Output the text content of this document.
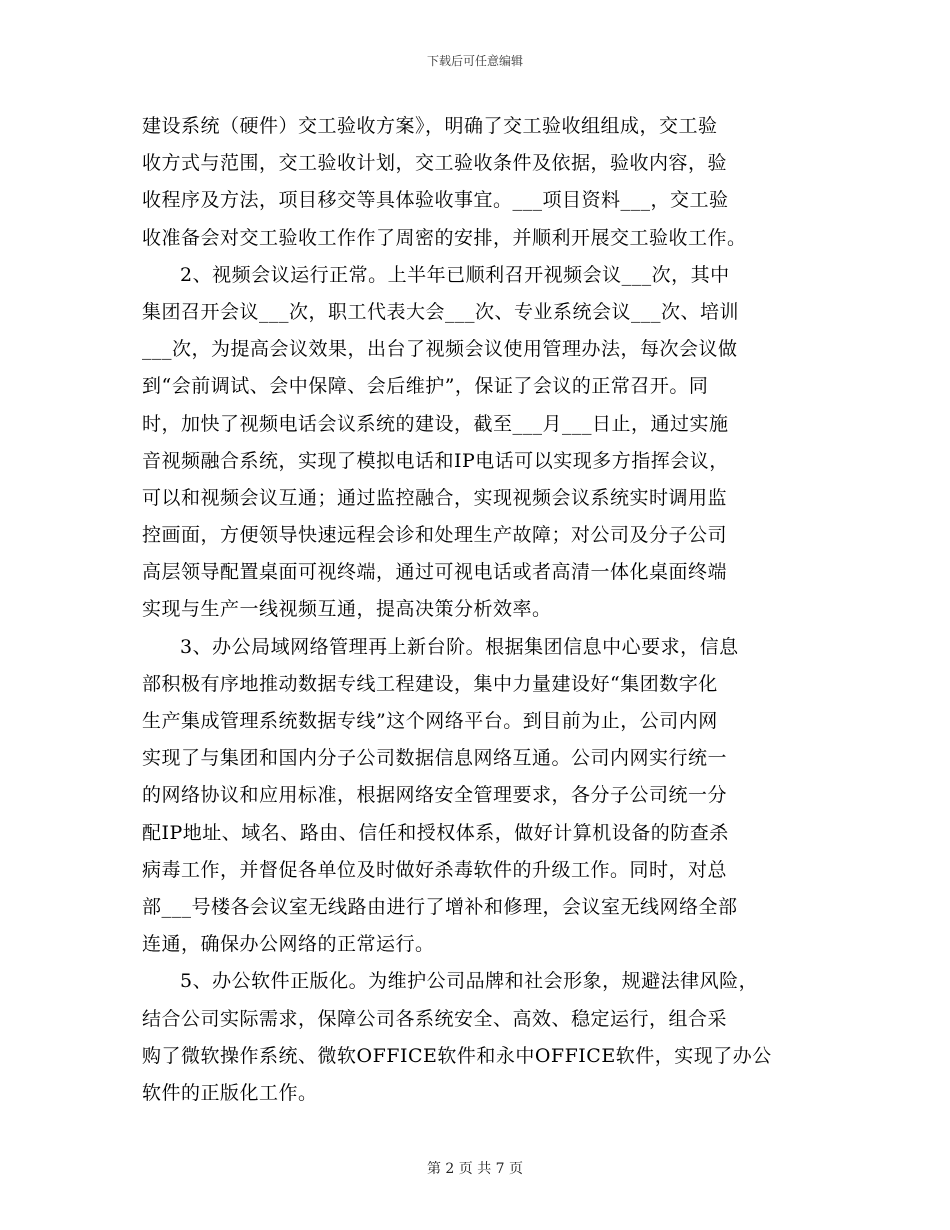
下载后可任意编辑
建设系统（硬件）交工验收方案》，明确了交工验收组组成，交工验
收方式与范围，交工验收计划，交工验收条件及依据，验收内容，验
收程序及方法，项目移交等具体验收事宜。___项目资料___，交工验
收准备会对交工验收工作作了周密的安排，并顺利开展交工验收工作。
2、视频会议运行正常。上半年已顺利召开视频会议___次，其中
集团召开会议___次，职工代表大会___次、专业系统会议___次、培训
___次，为提高会议效果，出台了视频会议使用管理办法，每次会议做
到“会前调试、会中保障、会后维护”，保证了会议的正常召开。同
时，加快了视频电话会议系统的建设，截至___月___日止，通过实施
音视频融合系统，实现了模拟电话和IP电话可以实现多方指挥会议，
可以和视频会议互通；通过监控融合，实现视频会议系统实时调用监
控画面，方便领导快速远程会诊和处理生产故障；对公司及分子公司
高层领导配置桌面可视终端，通过可视电话或者高清一体化桌面终端
实现与生产一线视频互通，提高决策分析效率。
3、办公局域网络管理再上新台阶。根据集团信息中心要求，信息
部积极有序地推动数据专线工程建设，集中力量建设好“集团数字化
生产集成管理系统数据专线”这个网络平台。到目前为止，公司内网
实现了与集团和国内分子公司数据信息网络互通。公司内网实行统一
的网络协议和应用标准，根据网络安全管理要求，各分子公司统一分
配IP地址、域名、路由、信任和授权体系，做好计算机设备的防查杀
病毒工作，并督促各单位及时做好杀毒软件的升级工作。同时，对总
部___号楼各会议室无线路由进行了增补和修理，会议室无线网络全部
连通，确保办公网络的正常运行。
5、办公软件正版化。为维护公司品牌和社会形象，规避法律风险，
结合公司实际需求，保障公司各系统安全、高效、稳定运行，组合采
购了微软操作系统、微软OFFICE软件和永中OFFICE软件，实现了办公
软件的正版化工作。
第 2 页 共 7 页
